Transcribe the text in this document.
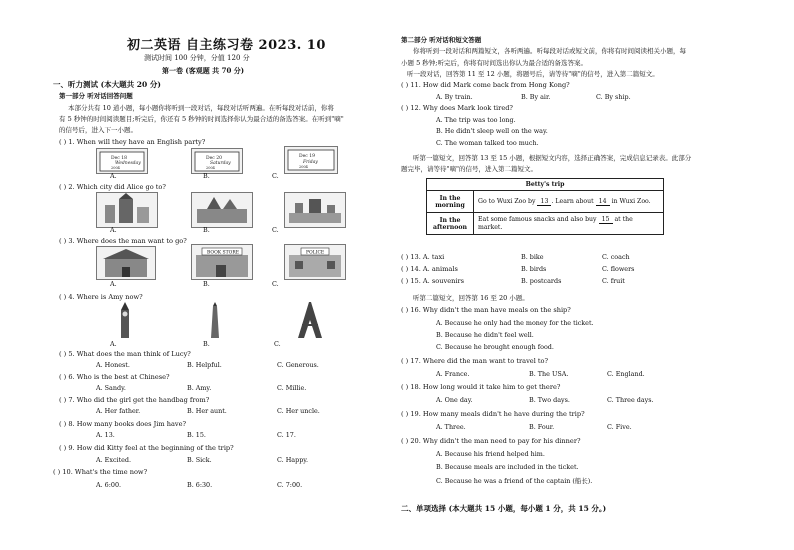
初二英语 自主练习卷 2023. 10
测试时间 100 分钟，分值 120 分
第一卷 (客观题 共 70 分)
一、听力测试 (本大题共 20 分)
第一部分 听对话回答问题
本部分共有 10 道小题，每小题你将听到一段对话，每段对话听两遍。在听每段对话前，你将
有 5 秒钟的时间阅读题目;听完后，你还有 5 秒钟的时间选择你认为最合适的备选答案。在听到"嘀"
的信号后，进入下一小题。
( ) 1. When will they have an English party?
Dec 18
Wednesday
2004
Dec 20
Saturday
2004
Dec 19
Friday
2004
A.	B.	C.
( ) 2. Which city did Alice go to?
A.	B.	C.
( ) 3. Where does the man want to go?
BOOK STORE	POLICE
A.	B.	C.
( ) 4. Where is Amy now?
A.	B.	C.
( ) 5. What does the man think of Lucy?
A. Honest.	B. Helpful.	C. Generous.
( ) 6. Who is the best at Chinese?
A. Sandy.	B. Amy.	C. Millie.
( ) 7. Who did the girl get the handbag from?
A. Her father.	B. Her aunt.	C. Her uncle.
( ) 8. How many books does Jim have?
A. 13.	B. 15.	C. 17.
( ) 9. How did Kitty feel at the beginning of the trip?
A. Excited.	B. Sick.	C. Happy.
( ) 10. What's the time now?
A. 6:00.	B. 6:30.	C. 7:00.
第二部分 听对话和短文答题
你将听到一段对话和两篇短文，各听两遍。听每段对话或短文前，你将有时间阅读相关小题，每
小题 5 秒钟;听完后，你将有时间选出你认为最合适的备选答案。
听一段对话，回答第 11 至 12 小题，将题号后，请等待"嘀"的信号，进入第二篇短文。
( ) 11. How did Mark come back from Hong Kong?
A. By train.	B. By air.	C. By ship.
( ) 12. Why does Mark look tired?
A. The trip was too long.
B. He didn't sleep well on the way.
C. The woman talked too much.
听第一篇短文，回答第 13 至 15 小题，根据短文内容，选择正确答案，完成信息记录表。此部分
题完毕，请等待"嘀"的信号，进入第二篇短文。
Betty's trip	
In the
morning	Go to Wuxi Zoo by 13 . Learn about 14 in Wuxi Zoo.
In the
afternoon	Eat some famous snacks and also buy 15 at the market.
( ) 13. A. taxi	B. bike	C. coach
( ) 14. A. animals	B. birds	C. flowers
( ) 15. A. souvenirs	B. postcards	C. fruit
听第二篇短文，回答第 16 至 20 小题。
( ) 16. Why didn't the man have meals on the ship?
A. Because he only had the money for the ticket.
B. Because he didn't feel well.
C. Because he brought enough food.
( ) 17. Where did the man want to travel to?
A. France.	B. The USA.	C. England.
( ) 18. How long would it take him to get there?
A. One day.	B. Two days.	C. Three days.
( ) 19. How many meals didn't he have during the trip?
A. Three.	B. Four.	C. Five.
( ) 20. Why didn't the man need to pay for his dinner?
A. Because his friend helped him.
B. Because meals are included in the ticket.
C. Because he was a friend of the captain (船长).
二、单项选择 (本大题共 15 小题，每小题 1 分，共 15 分。)
